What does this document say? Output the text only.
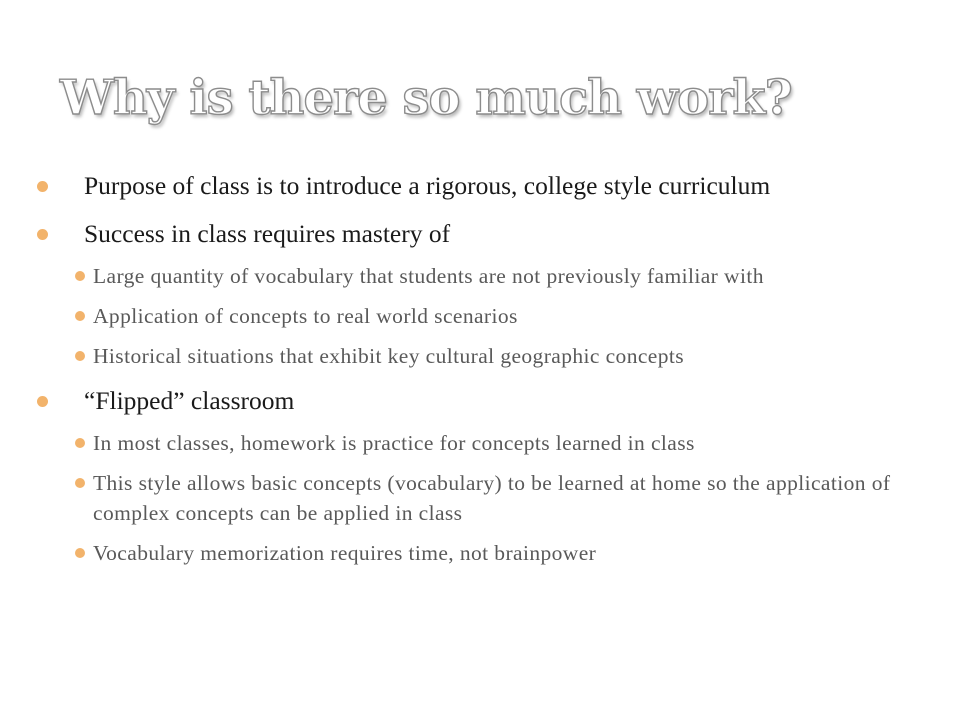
Why is there so much work?
Purpose of class is to introduce a rigorous, college style curriculum
Success in class requires mastery of
Large quantity of vocabulary that students are not previously familiar with
Application of concepts to real world scenarios
Historical situations that exhibit key cultural geographic concepts
“Flipped” classroom
In most classes, homework is practice for concepts learned in class
This style allows basic concepts (vocabulary) to be learned at home so the application of complex concepts can be applied in class
Vocabulary memorization requires time, not brainpower
